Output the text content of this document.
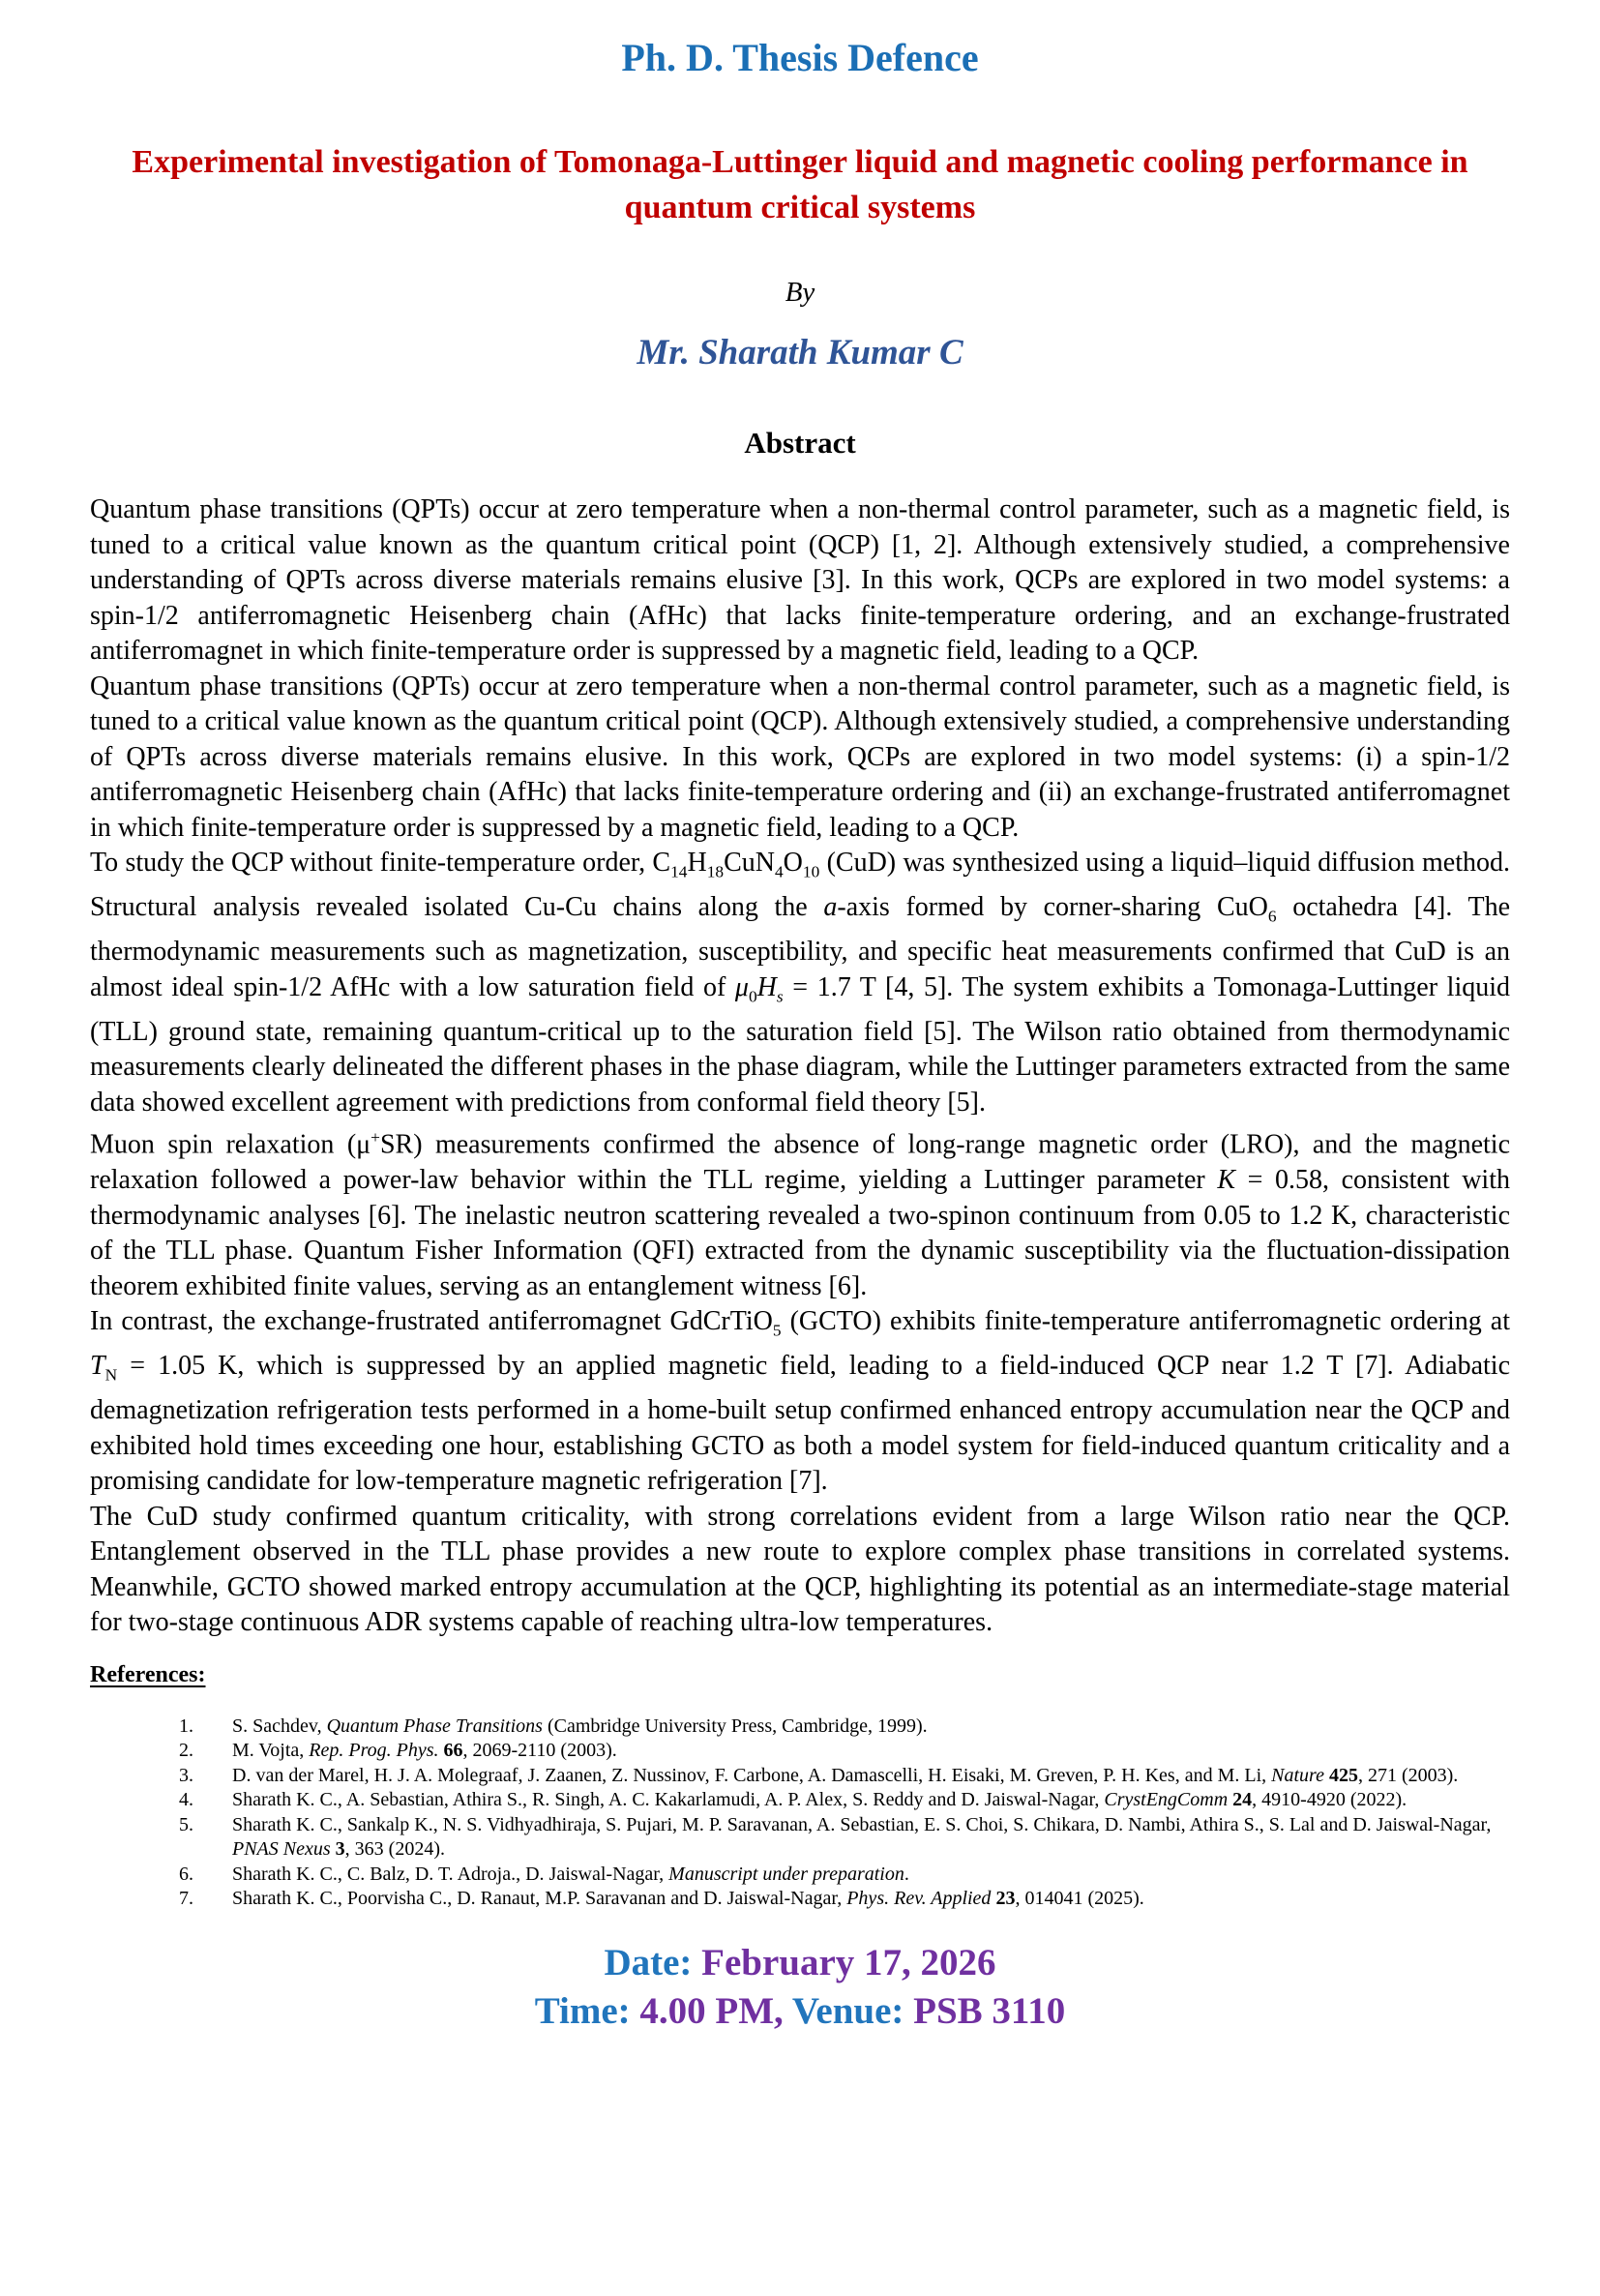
Ph. D. Thesis Defence
Experimental investigation of Tomonaga-Luttinger liquid and magnetic cooling performance in quantum critical systems
By
Mr. Sharath Kumar C
Abstract

Quantum phase transitions (QPTs) occur at zero temperature when a non-thermal control parameter, such as a magnetic field, is tuned to a critical value known as the quantum critical point (QCP) [1, 2]. Although extensively studied, a comprehensive understanding of QPTs across diverse materials remains elusive [3]. In this work, QCPs are explored in two model systems: a spin-1/2 antiferromagnetic Heisenberg chain (AfHc) that lacks finite-temperature ordering, and an exchange-frustrated antiferromagnet in which finite-temperature order is suppressed by a magnetic field, leading to a QCP.

Quantum phase transitions (QPTs) occur at zero temperature when a non-thermal control parameter, such as a magnetic field, is tuned to a critical value known as the quantum critical point (QCP). Although extensively studied, a comprehensive understanding of QPTs across diverse materials remains elusive. In this work, QCPs are explored in two model systems: (i) a spin-1/2 antiferromagnetic Heisenberg chain (AfHc) that lacks finite-temperature ordering and (ii) an exchange-frustrated antiferromagnet in which finite-temperature order is suppressed by a magnetic field, leading to a QCP.

To study the QCP without finite-temperature order, $C_{14}H_{18}CuN_4O_{10}$ (CuD) was synthesized using a liquid–liquid diffusion method. Structural analysis revealed isolated Cu-Cu chains along the a-axis formed by corner-sharing CuO$_6$ octahedra [4]. The thermodynamic measurements such as magnetization, susceptibility, and specific heat measurements confirmed that CuD is an almost ideal spin-1/2 AfHc with a low saturation field of $\mu_0H_s = 1.7$ T [4, 5]. The system exhibits a Tomonaga-Luttinger liquid (TLL) ground state, remaining quantum-critical up to the saturation field [5]. The Wilson ratio obtained from thermodynamic measurements clearly delineated the different phases in the phase diagram, while the Luttinger parameters extracted from the same data showed excellent agreement with predictions from conformal field theory [5].

Muon spin relaxation (μ+SR) measurements confirmed the absence of long-range magnetic order (LRO), and the magnetic relaxation followed a power-law behavior within the TLL regime, yielding a Luttinger parameter K = 0.58, consistent with thermodynamic analyses [6]. The inelastic neutron scattering revealed a two-spinon continuum from 0.05 to 1.2 K, characteristic of the TLL phase. Quantum Fisher Information (QFI) extracted from the dynamic susceptibility via the fluctuation-dissipation theorem exhibited finite values, serving as an entanglement witness [6].

In contrast, the exchange-frustrated antiferromagnet GdCrTiO$_5$ (GCTO) exhibits finite-temperature antiferromagnetic ordering at $T_N = 1.05$ K, which is suppressed by an applied magnetic field, leading to a field-induced QCP near 1.2 T [7]. Adiabatic demagnetization refrigeration tests performed in a home-built setup confirmed enhanced entropy accumulation near the QCP and exhibited hold times exceeding one hour, establishing GCTO as both a model system for field-induced quantum criticality and a promising candidate for low-temperature magnetic refrigeration [7].

The CuD study confirmed quantum criticality, with strong correlations evident from a large Wilson ratio near the QCP. Entanglement observed in the TLL phase provides a new route to explore complex phase transitions in correlated systems. Meanwhile, GCTO showed marked entropy accumulation at the QCP, highlighting its potential as an intermediate-stage material for two-stage continuous ADR systems capable of reaching ultra-low temperatures.

References:
S. Sachdev, Quantum Phase Transitions (Cambridge University Press, Cambridge, 1999).
M. Vojta, Rep. Prog. Phys. 66, 2069-2110 (2003).
D. van der Marel, H. J. A. Molegraaf, J. Zaanen, Z. Nussinov, F. Carbone, A. Damascelli, H. Eisaki, M. Greven, P. H. Kes, and M. Li, Nature 425, 271 (2003).
Sharath K. C., A. Sebastian, Athira S., R. Singh, A. C. Kakarlamudi, A. P. Alex, S. Reddy and D. Jaiswal-Nagar, CrystEngComm 24, 4910-4920 (2022).
Sharath K. C., Sankalp K., N. S. Vidhyadhiraja, S. Pujari, M. P. Saravanan, A. Sebastian, E. S. Choi, S. Chikara, D. Nambi, Athira S., S. Lal and D. Jaiswal-Nagar, PNAS Nexus 3, 363 (2024).
Sharath K. C., C. Balz, D. T. Adroja., D. Jaiswal-Nagar, Manuscript under preparation.
Sharath K. C., Poorvisha C., D. Ranaut, M.P. Saravanan and D. Jaiswal-Nagar, Phys. Rev. Applied 23, 014041 (2025).
Date: February 17, 2026
Time: 4.00 PM, Venue: PSB 3110
